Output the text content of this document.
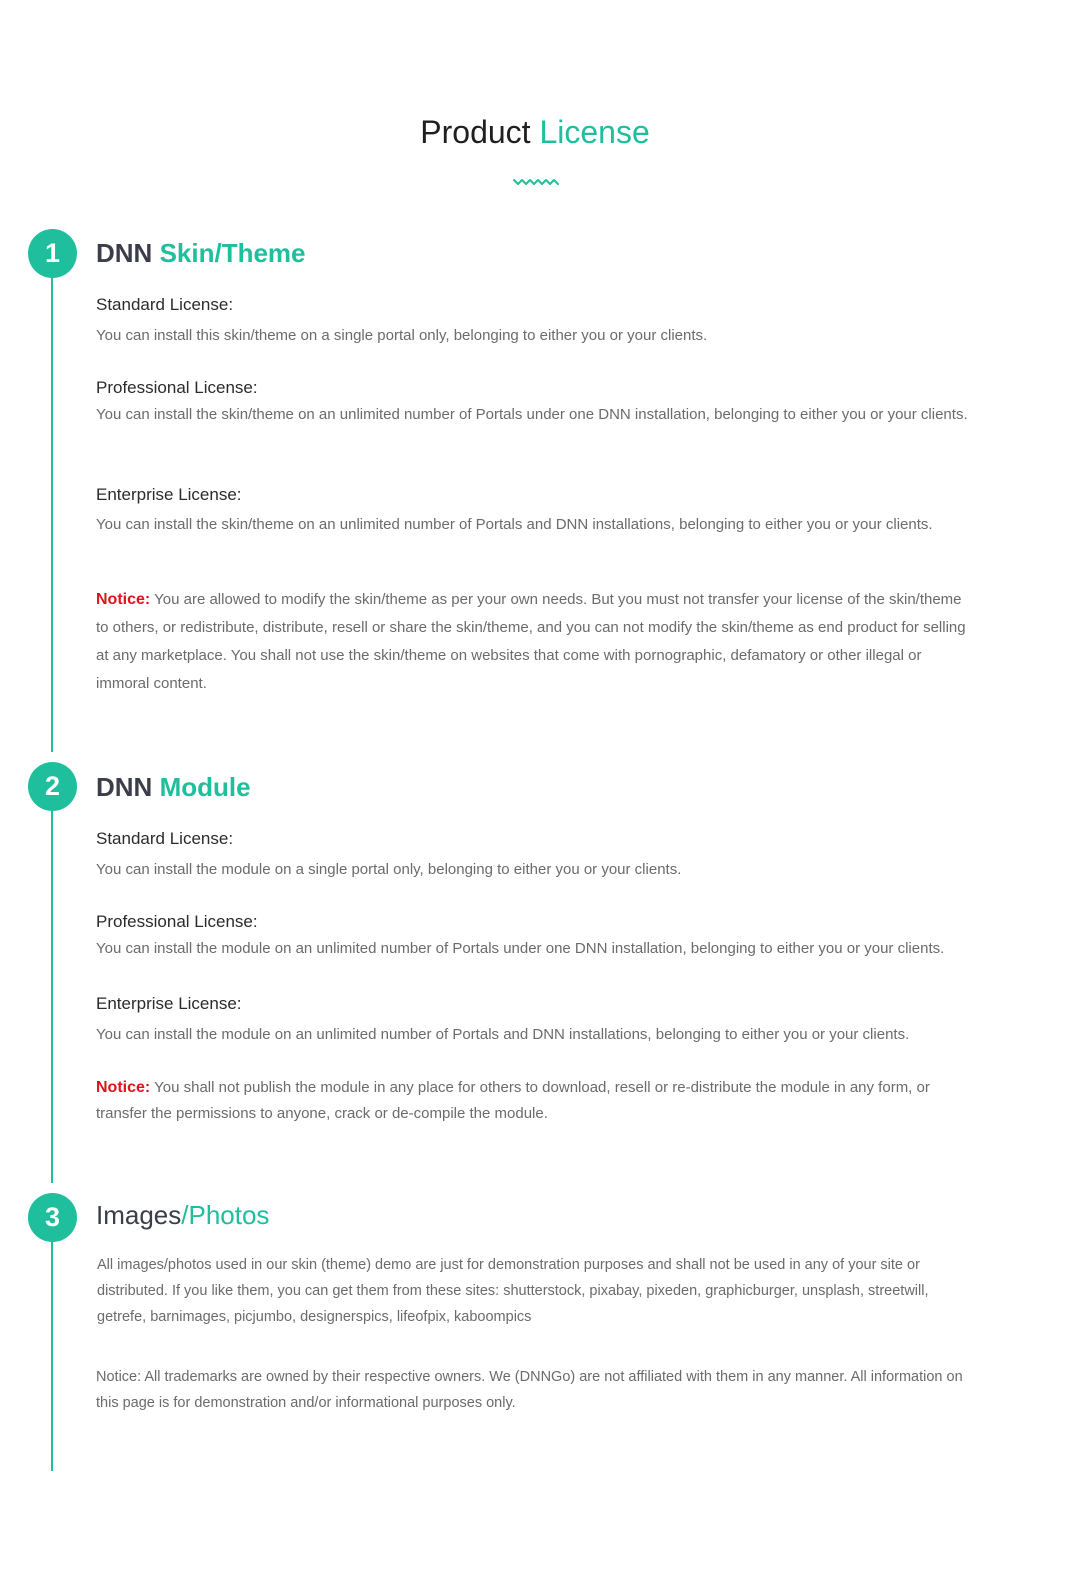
Product License
1	DNN Skin/Theme
Standard License:

You can install this skin/theme on a single portal only, belonging to either you or your clients.

Professional License:

You can install the skin/theme on an unlimited number of Portals under one DNN installation, belonging to either you or your clients.

Enterprise License:

You can install the skin/theme on an unlimited number of Portals and DNN installations, belonging to either you or your clients.

Notice: You are allowed to modify the skin/theme as per your own needs. But you must not transfer your license of the skin/theme to others, or redistribute, distribute, resell or share the skin/theme, and you can not modify the skin/theme as end product for selling at any marketplace. You shall not use the skin/theme on websites that come with pornographic, defamatory or other illegal or immoral content.

2	DNN Module
Standard License:

You can install the module on a single portal only, belonging to either you or your clients.

Professional License:

You can install the module on an unlimited number of Portals under one DNN installation, belonging to either you or your clients.

Enterprise License:

You can install the module on an unlimited number of Portals and DNN installations, belonging to either you or your clients.

Notice: You shall not publish the module in any place for others to download, resell or re-distribute the module in any form, or transfer the permissions to anyone, crack or de-compile the module.

3	Images/Photos

All images/photos used in our skin (theme) demo are just for demonstration purposes and shall not be used in any of your site or distributed. If you like them, you can get them from these sites: shutterstock, pixabay, pixeden, graphicburger, unsplash, streetwill, getrefe, barnimages, picjumbo, designerspics, lifeofpix, kaboompics

Notice: All trademarks are owned by their respective owners. We (DNNGo) are not affiliated with them in any manner. All information on this page is for demonstration and/or informational purposes only.
